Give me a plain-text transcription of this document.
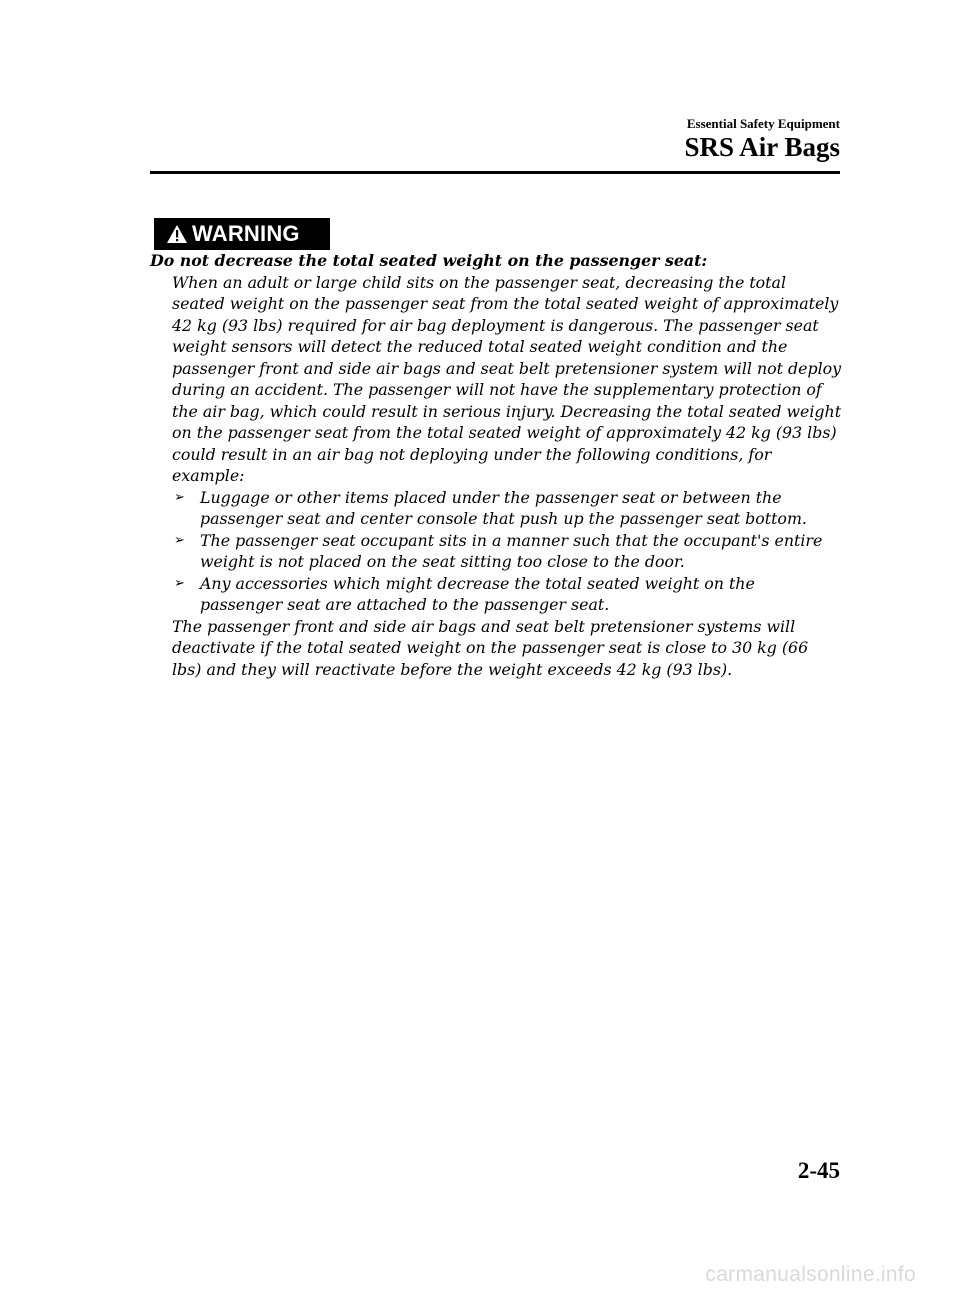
Essential Safety Equipment
SRS Air Bags
WARNING

Do not decrease the total seated weight on the passenger seat:

When an adult or large child sits on the passenger seat, decreasing the total seated weight on the passenger seat from the total seated weight of approximately 42 kg (93 lbs) required for air bag deployment is dangerous. The passenger seat weight sensors will detect the reduced total seated weight condition and the passenger front and side air bags and seat belt pretensioner system will not deploy during an accident. The passenger will not have the supplementary protection of the air bag, which could result in serious injury. Decreasing the total seated weight on the passenger seat from the total seated weight of approximately 42 kg (93 lbs) could result in an air bag not deploying under the following conditions, for example:

➢ Luggage or other items placed under the passenger seat or between the passenger seat and center console that push up the passenger seat bottom.
➢ The passenger seat occupant sits in a manner such that the occupant's entire weight is not placed on the seat sitting too close to the door.
➢ Any accessories which might decrease the total seated weight on the passenger seat are attached to the passenger seat.

The passenger front and side air bags and seat belt pretensioner systems will deactivate if the total seated weight on the passenger seat is close to 30 kg (66 lbs) and they will reactivate before the weight exceeds 42 kg (93 lbs).

2-45
carmanualsonline.info
